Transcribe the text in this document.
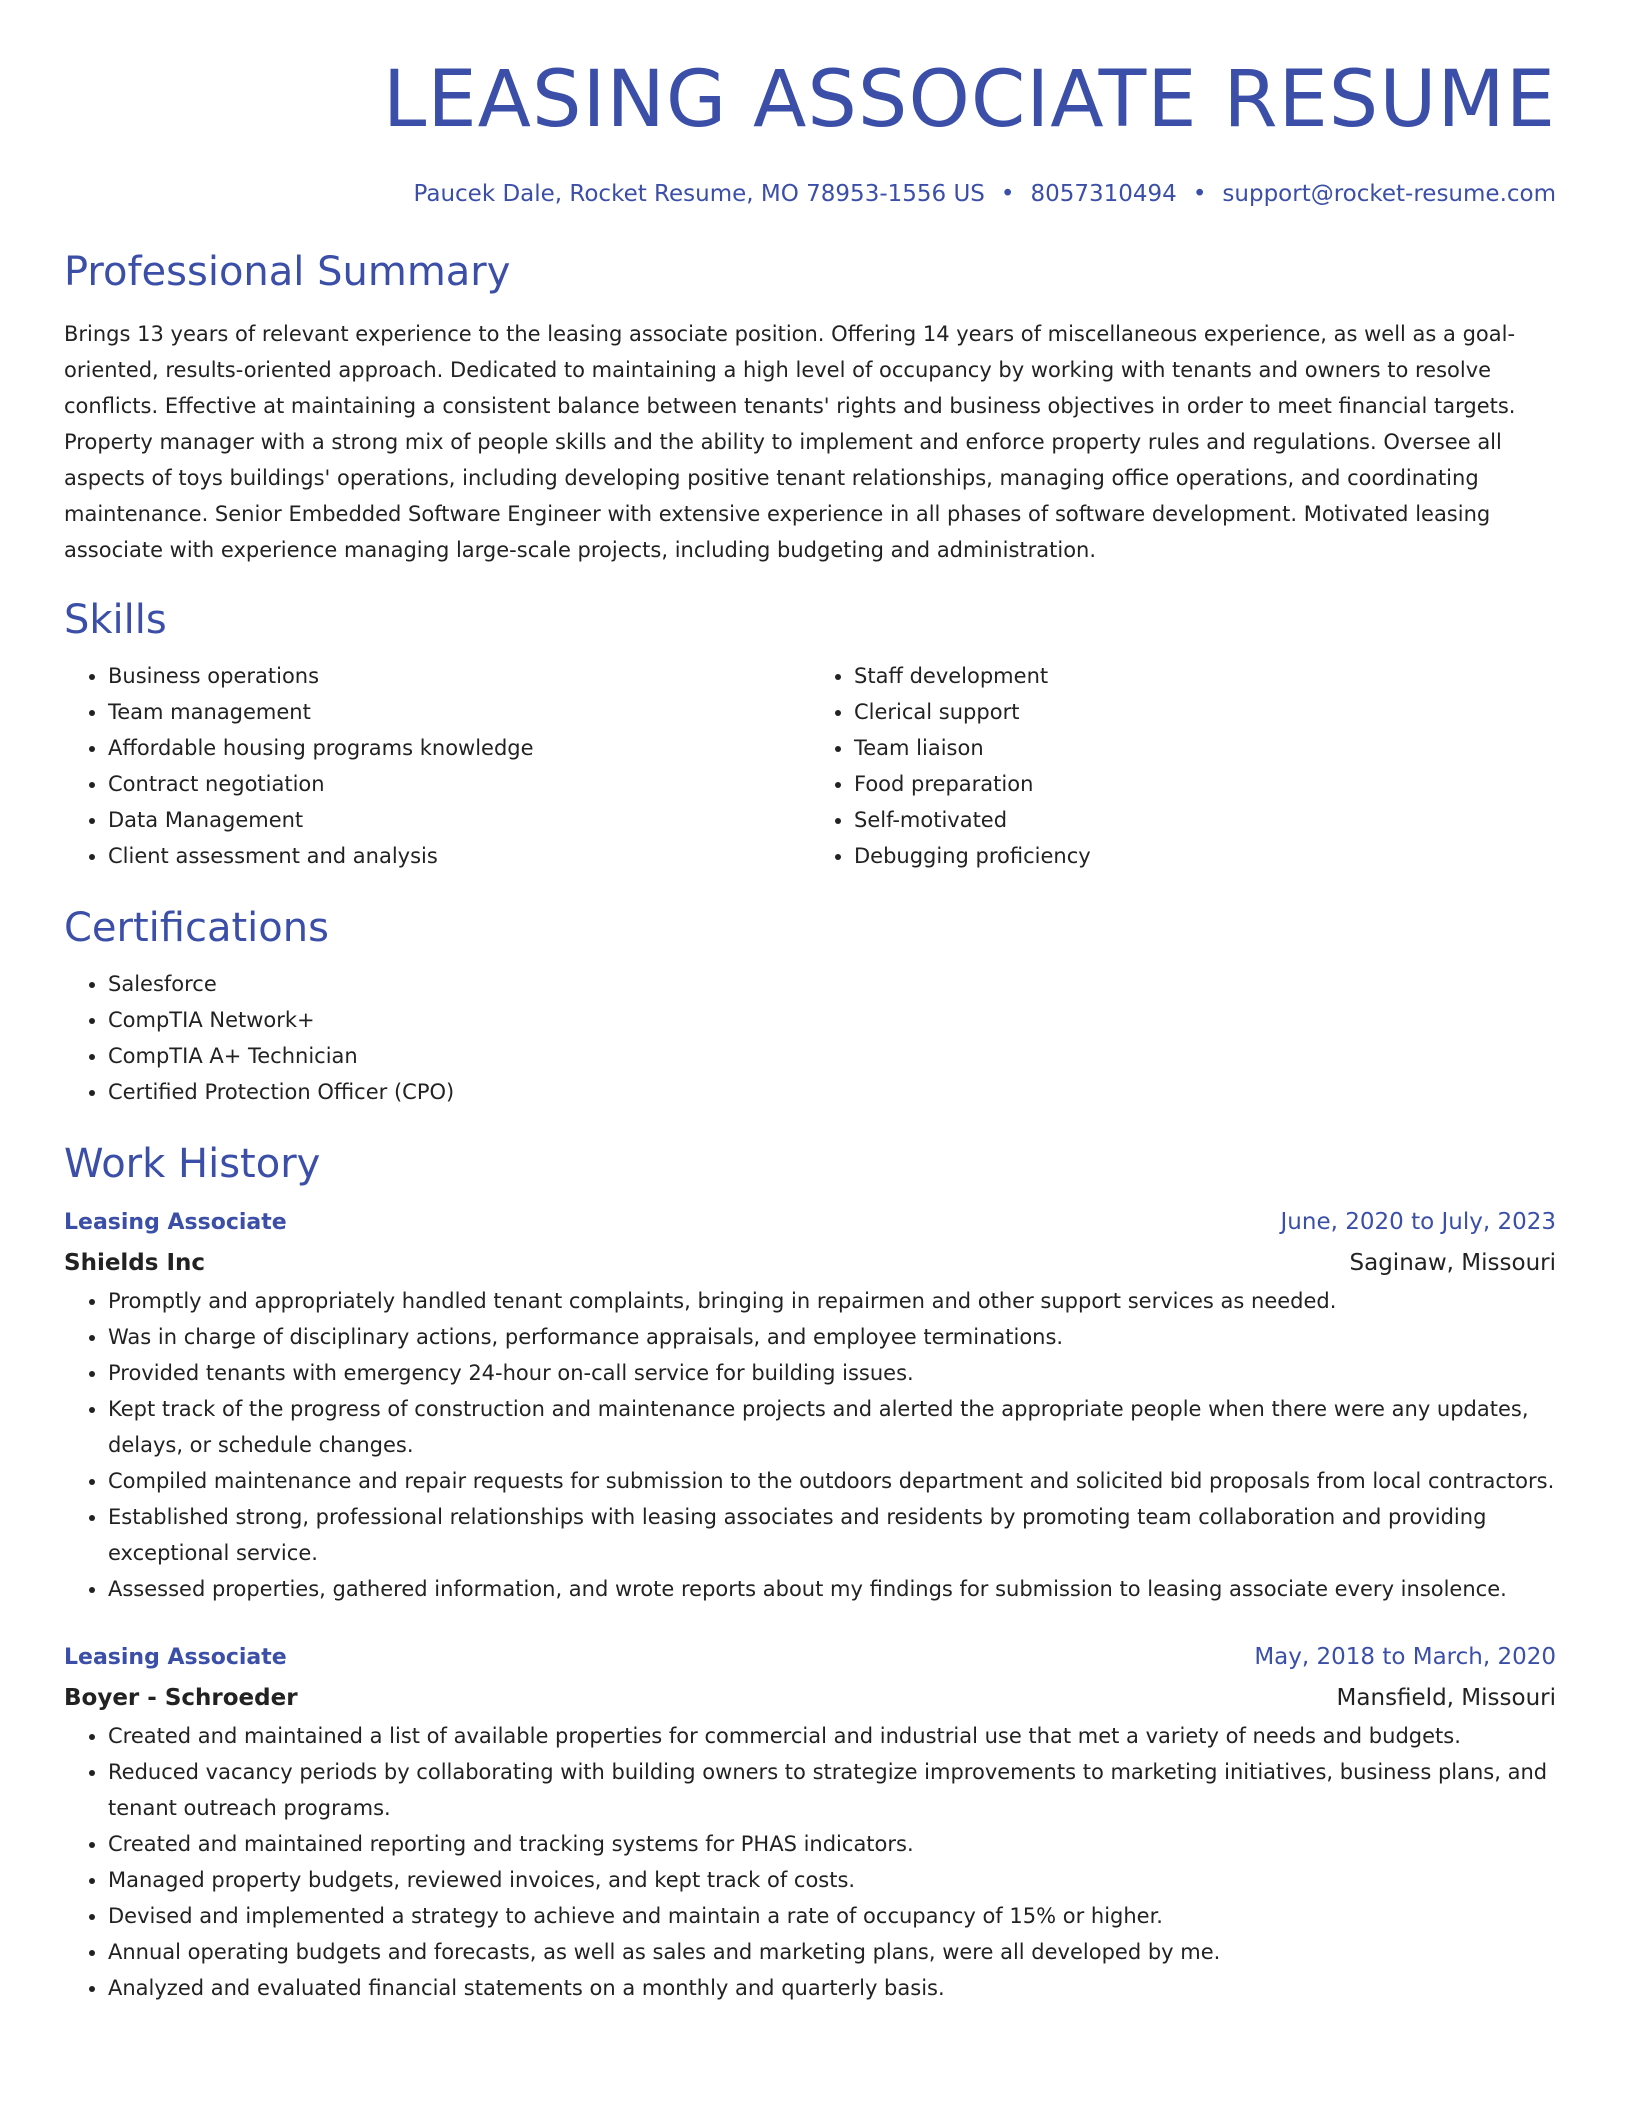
LEASING ASSOCIATE RESUME
Paucek Dale, Rocket Resume, MO 78953-1556 US • 8057310494 • support@rocket-resume.com
Professional Summary

Brings 13 years of relevant experience to the leasing associate position. Offering 14 years of miscellaneous experience, as well as a goal-oriented, results-oriented approach. Dedicated to maintaining a high level of occupancy by working with tenants and owners to resolve conflicts. Effective at maintaining a consistent balance between tenants' rights and business objectives in order to meet financial targets. Property manager with a strong mix of people skills and the ability to implement and enforce property rules and regulations. Oversee all aspects of toys buildings' operations, including developing positive tenant relationships, managing office operations, and coordinating maintenance. Senior Embedded Software Engineer with extensive experience in all phases of software development. Motivated leasing associate with experience managing large-scale projects, including budgeting and administration.

Skills
• Business operations
• Team management
• Affordable housing programs knowledge
• Contract negotiation
• Data Management
• Client assessment and analysis
• Staff development
• Clerical support
• Team liaison
• Food preparation
• Self-motivated
• Debugging proficiency
Certifications
• Salesforce
• CompTIA Network+
• CompTIA A+ Technician
• Certified Protection Officer (CPO)
Work History
Leasing Associate	June, 2020 to July, 2023
Shields Inc	Saginaw, Missouri
• Promptly and appropriately handled tenant complaints, bringing in repairmen and other support services as needed.
• Was in charge of disciplinary actions, performance appraisals, and employee terminations.
• Provided tenants with emergency 24-hour on-call service for building issues.
• Kept track of the progress of construction and maintenance projects and alerted the appropriate people when there were any updates, delays, or schedule changes.
• Compiled maintenance and repair requests for submission to the outdoors department and solicited bid proposals from local contractors.
• Established strong, professional relationships with leasing associates and residents by promoting team collaboration and providing exceptional service.
• Assessed properties, gathered information, and wrote reports about my findings for submission to leasing associate every insolence.
Leasing Associate	May, 2018 to March, 2020
Boyer - Schroeder	Mansfield, Missouri
• Created and maintained a list of available properties for commercial and industrial use that met a variety of needs and budgets.
• Reduced vacancy periods by collaborating with building owners to strategize improvements to marketing initiatives, business plans, and tenant outreach programs.
• Created and maintained reporting and tracking systems for PHAS indicators.
• Managed property budgets, reviewed invoices, and kept track of costs.
• Devised and implemented a strategy to achieve and maintain a rate of occupancy of 15% or higher.
• Annual operating budgets and forecasts, as well as sales and marketing plans, were all developed by me.
• Analyzed and evaluated financial statements on a monthly and quarterly basis.
